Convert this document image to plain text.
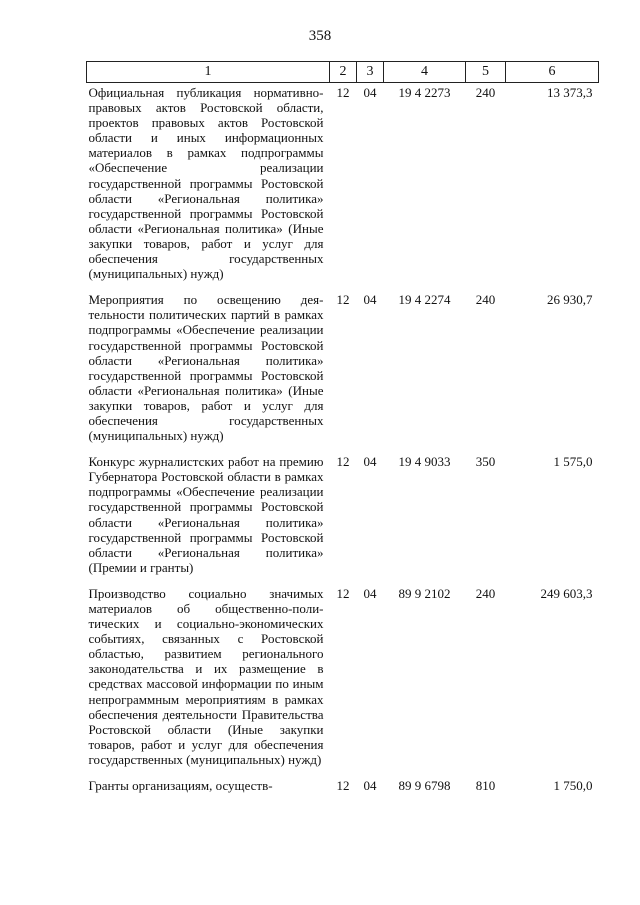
358
1	2	3	4	5	6
Официальная публикация нормативно-правовых актов Ростовской области, проектов правовых актов Ростовской области и иных информационных материалов в рамках подпрограммы «Обеспечение реализации государственной программы Ростовской области «Региональная политика» государственной программы Ростовской области «Региональная политика» (Иные закупки товаров, работ и услуг для обеспечения государственных (муниципальных) нужд)	12	04	19 4 2273	240	13 373,3
Мероприятия по освещению деятельности политических партий в рамках подпрограммы «Обеспечение реализации государственной программы Ростовской области «Региональная политика» государственной программы Ростовской области «Региональная политика» (Иные закупки товаров, работ и услуг для обеспечения государственных (муниципальных) нужд)	12	04	19 4 2274	240	26 930,7
Конкурс журналистских работ на премию Губернатора Ростовской области в рамках подпрограммы «Обеспечение реализации государственной программы Ростовской области «Региональная политика» государственной программы Ростовской области «Региональная политика» (Премии и гранты)	12	04	19 4 9033	350	1 575,0
Производство социально значимых материалов об общественно-политических и социально-экономических событиях, связанных с Ростовской областью, развитием регионального законодательства и их размещение в средствах массовой информации по иным непрограммным мероприятиям в рамках обеспечения деятельности Правительства Ростовской области (Иные закупки товаров, работ и услуг для обеспечения государственных (муниципальных) нужд)	12	04	89 9 2102	240	249 603,3
Гранты организациям, осуществ-	12	04	89 9 6798	810	1 750,0
